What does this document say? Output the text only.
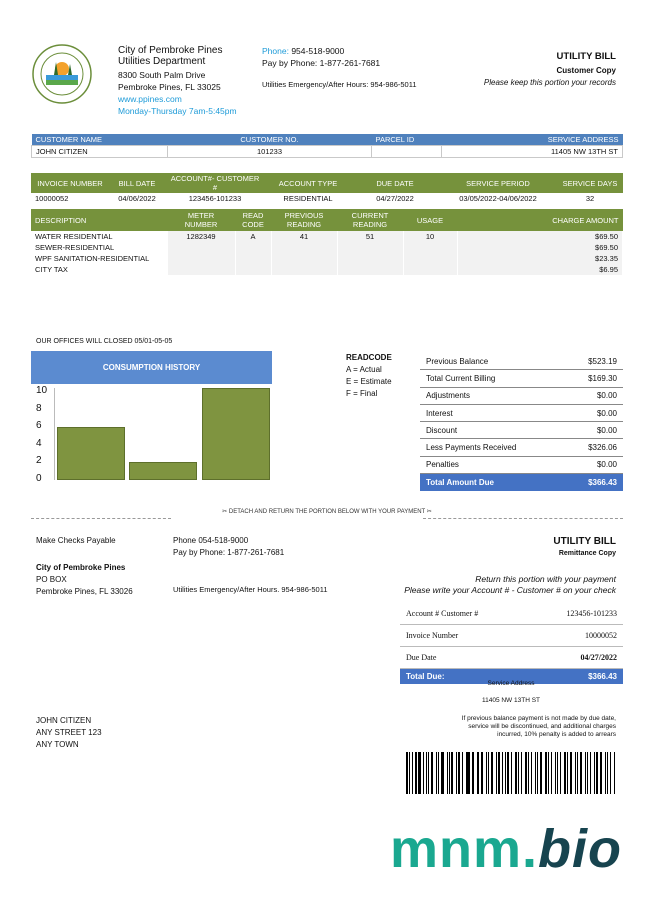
City of Pembroke Pines
Utilities Department
8300 South Palm Drive
Pembroke Pines, FL 33025
www.ppines.com
Monday-Thursday 7am-5:45pm
Phone: 954-518-9000
Pay by Phone: 1-877-261-7681
Utilities Emergency/After Hours: 954-986-5011
UTILITY BILL
Customer Copy
Please keep this portion your records
CUSTOMER NAME	CUSTOMER NO.	PARCEL ID	SERVICE ADDRESS
JOHN CITIZEN	101233		11405 NW 13TH ST
INVOICE NUMBER	BILL DATE	ACCOUNT#- CUSTOMER #	ACCOUNT TYPE	DUE DATE	SERVICE PERIOD	SERVICE DAYS
10000052	04/06/2022	123456-101233	RESIDENTIAL	04/27/2022	03/05/2022-04/06/2022	32
DESCRIPTION	METER NUMBER	READ CODE	PREVIOUS READING	CURRENT READING	USAGE	CHARGE AMOUNT
WATER RESIDENTIAL	1282349	A	41	51	10	$69.50
SEWER-RESIDENTIAL						$69.50
WPF SANITATION-RESIDENTIAL						$23.35
CITY TAX						$6.95
OUR OFFICES WILL CLOSED 05/01-05-05
CONSUMPTION HISTORY
10
8
6
4
2
0
READCODE
A = Actual
E = Estimate
F = Final
Previous Balance	$523.19
Total Current Billing	$169.30
Adjustments	$0.00
Interest	$0.00
Discount	$0.00
Less Payments Received	$326.06
Penalties	$0.00
Total Amount Due	$366.43
✂ DETACH AND RETURN THE PORTION BELOW WITH YOUR PAYMENT ✂
Make Checks Payable	Phone 054-518-9000
Pay by Phone: 1-877-261-7681
City of Pembroke Pines
PO BOX
Pembroke Pines, FL 33026	Utilities Emergency/After Hours. 954-986-5011
UTILITY BILL
Remittance Copy
Return this portion with your payment
Please write your Account # - Customer # on your check
Account # Customer #	123456-101233
Invoice Number	10000052
Due Date	04/27/2022
Total Due:	$366.43
Service Address
11405 NW 13TH ST
If previous balance payment is not made by due date,
service will be discontinued, and additional charges
incurred, 10% penalty is added to arrears
JOHN CITIZEN
ANY STREET 123
ANY TOWN
mnm.bio
